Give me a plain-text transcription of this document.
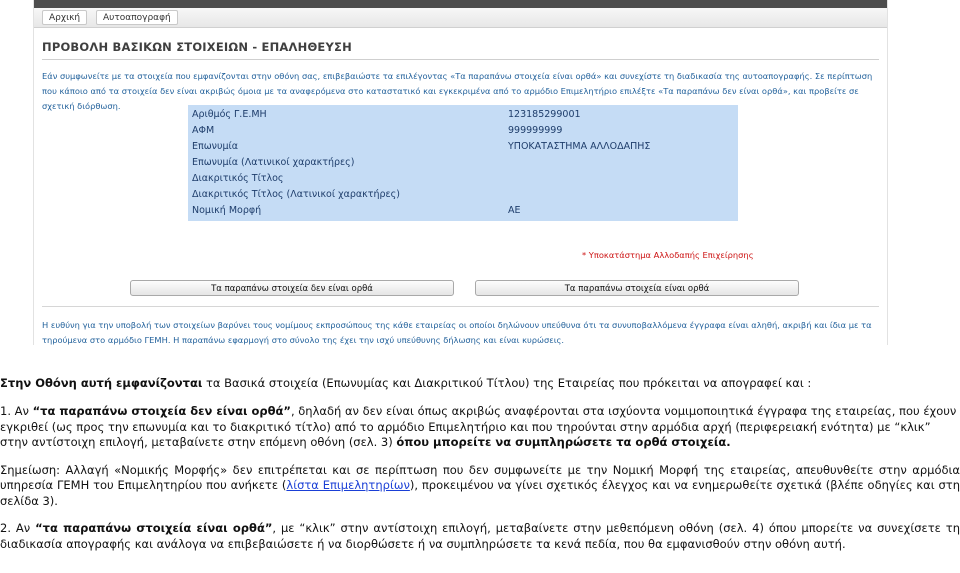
Αρχική	Αυτοαπογραφή
ΠΡΟΒΟΛΗ ΒΑΣΙΚΩΝ ΣΤΟΙΧΕΙΩΝ - ΕΠΑΛΗΘΕΥΣΗ
Εάν συμφωνείτε με τα στοιχεία που εμφανίζονται στην οθόνη σας, επιβεβαιώστε τα επιλέγοντας «Τα παραπάνω στοιχεία είναι ορθά» και συνεχίστε τη διαδικασία της αυτοαπογραφής. Σε περίπτωση που κάποιο από τα στοιχεία δεν είναι ακριβώς όμοια με τα αναφερόμενα στο καταστατικό και εγκεκριμένα από το αρμόδιο Επιμελητήριο επιλέξτε «Τα παραπάνω δεν είναι ορθά», και προβείτε σε σχετική διόρθωση.
Αριθμός Γ.Ε.ΜΗ	123185299001
ΑΦΜ	999999999
Επωνυμία	ΥΠΟΚΑΤΑΣΤΗΜΑ ΑΛΛΟΔΑΠΗΣ
Επωνυμία (Λατινικοί χαρακτήρες)
Διακριτικός Τίτλος
Διακριτικός Τίτλος (Λατινικοί χαρακτήρες)
Νομική Μορφή	ΑΕ
* Υποκατάστημα Αλλοδαπής Επιχείρησης
Τα παραπάνω στοιχεία δεν είναι ορθά	Τα παραπάνω στοιχεία είναι ορθά
Η ευθύνη για την υποβολή των στοιχείων βαρύνει τους νομίμους εκπροσώπους της κάθε εταιρείας οι οποίοι δηλώνουν υπεύθυνα ότι τα συνυποβαλλόμενα έγγραφα είναι αληθή, ακριβή και ίδια με τα τηρούμενα στο αρμόδιο ΓΕΜΗ. Η παραπάνω εφαρμογή στο σύνολο της έχει την ισχύ υπεύθυνης δήλωσης και είναι κυρώσεις.

Στην Οθόνη αυτή εμφανίζονται τα Βασικά στοιχεία (Επωνυμίας και Διακριτικού Τίτλου) της Εταιρείας που πρόκειται να απογραφεί και :

1. Αν “τα παραπάνω στοιχεία δεν είναι ορθά”, δηλαδή αν δεν είναι όπως ακριβώς αναφέρονται στα ισχύοντα νομιμοποιητικά έγγραφα της εταιρείας, που έχουν εγκριθεί (ως προς την επωνυμία και το διακριτικό τίτλο) από το αρμόδιο Επιμελητήριο και που τηρούνται στην αρμόδια αρχή (περιφερειακή ενότητα) με “κλικ” στην αντίστοιχη επιλογή, μεταβαίνετε στην επόμενη οθόνη (σελ. 3) όπου μπορείτε να συμπληρώσετε τα ορθά στοιχεία.

Σημείωση: Αλλαγή «Νομικής Μορφής» δεν επιτρέπεται και σε περίπτωση που δεν συμφωνείτε με την Νομική Μορφή της εταιρείας, απευθυνθείτε στην αρμόδια υπηρεσία ΓΕΜΗ του Επιμελητηρίου που ανήκετε (λίστα Επιμελητηρίων), προκειμένου να γίνει σχετικός έλεγχος και να ενημερωθείτε σχετικά (βλέπε οδηγίες και στη σελίδα 3).

2. Αν “τα παραπάνω στοιχεία είναι ορθά”, με “κλικ” στην αντίστοιχη επιλογή, μεταβαίνετε στην μεθεπόμενη οθόνη (σελ. 4) όπου μπορείτε να συνεχίσετε τη διαδικασία απογραφής και ανάλογα να επιβεβαιώσετε ή να διορθώσετε ή να συμπληρώσετε τα κενά πεδία, που θα εμφανισθούν στην οθόνη αυτή.
